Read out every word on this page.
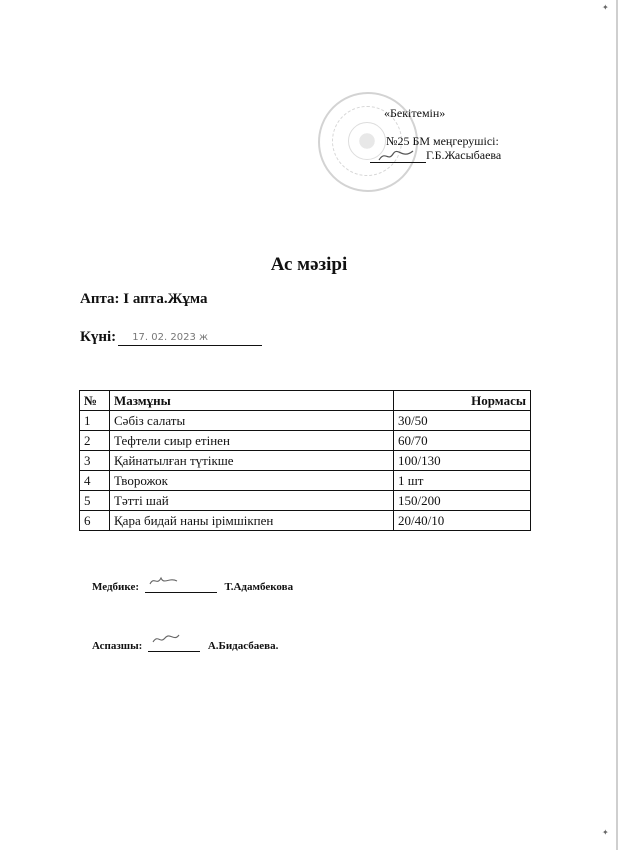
✦
✦
«Бекітемін»
№25 БМ меңгерушісі:
Г.Б.Жасыбаева
Ас мәзірі
Апта: І апта.Жұма
Күні: 17. 02. 2023 ж
№	Мазмұны	Нормасы
1	Сәбіз салаты	30/50
2	Тефтели сиыр етінен	60/70
3	Қайнатылған түтікше	100/130
4	Творожок	1 шт
5	Тәтті шай	150/200
6	Қара бидай наны ірімшікпен	20/40/10
Медбике:	Т.Адамбекова
Аспазшы:	А.Бидасбаева.
